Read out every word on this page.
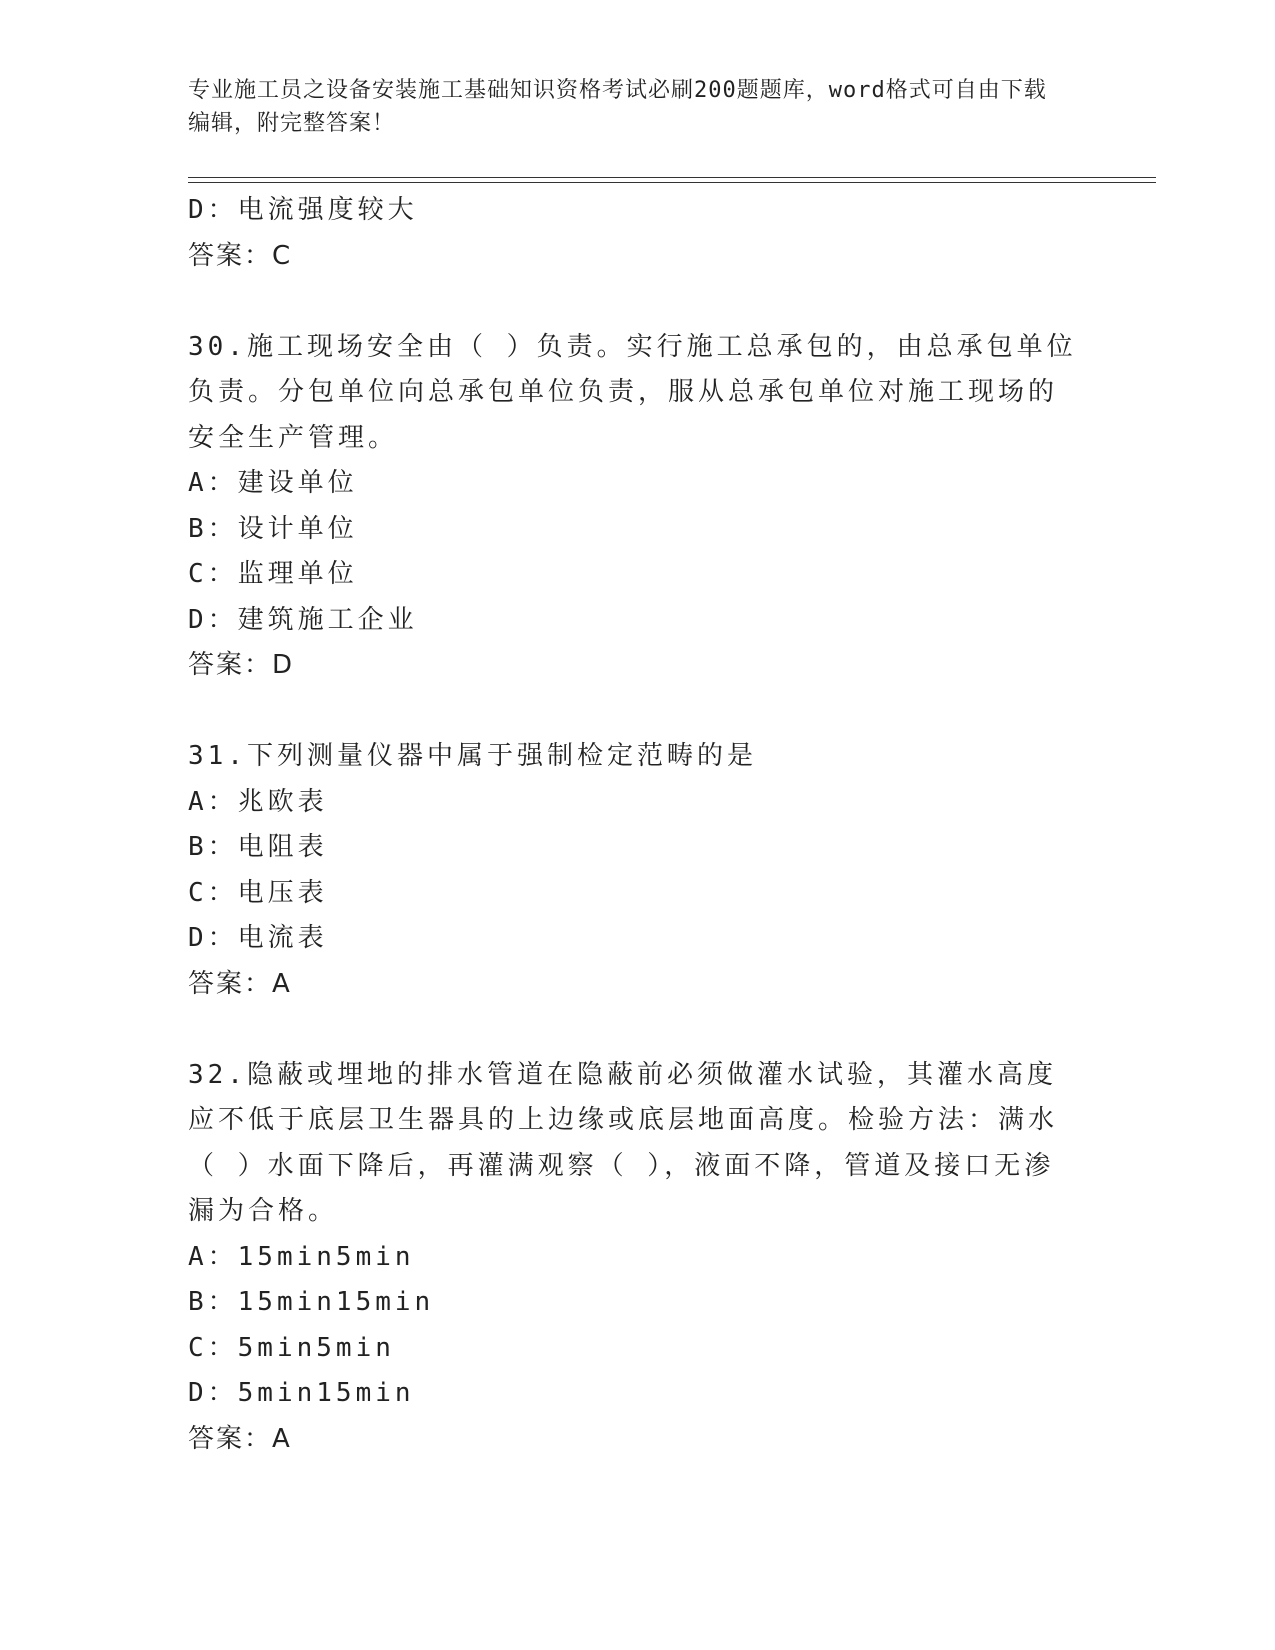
专业施工员之设备安装施工基础知识资格考试必刷200题题库，word格式可自由下载编辑，附完整答案！
D：电流强度较大
答案：C
30.施工现场安全由（ ）负责。实行施工总承包的，由总承包单位负责。分包单位向总承包单位负责，服从总承包单位对施工现场的安全生产管理。
A：建设单位
B：设计单位
C：监理单位
D：建筑施工企业
答案：D
31.下列测量仪器中属于强制检定范畴的是
A：兆欧表
B：电阻表
C：电压表
D：电流表
答案：A
32.隐蔽或埋地的排水管道在隐蔽前必须做灌水试验，其灌水高度应不低于底层卫生器具的上边缘或底层地面高度。检验方法：满水（ ）水面下降后，再灌满观察（ ），液面不降，管道及接口无渗漏为合格。
A：15min5min
B：15min15min
C：5min5min
D：5min15min
答案：A
